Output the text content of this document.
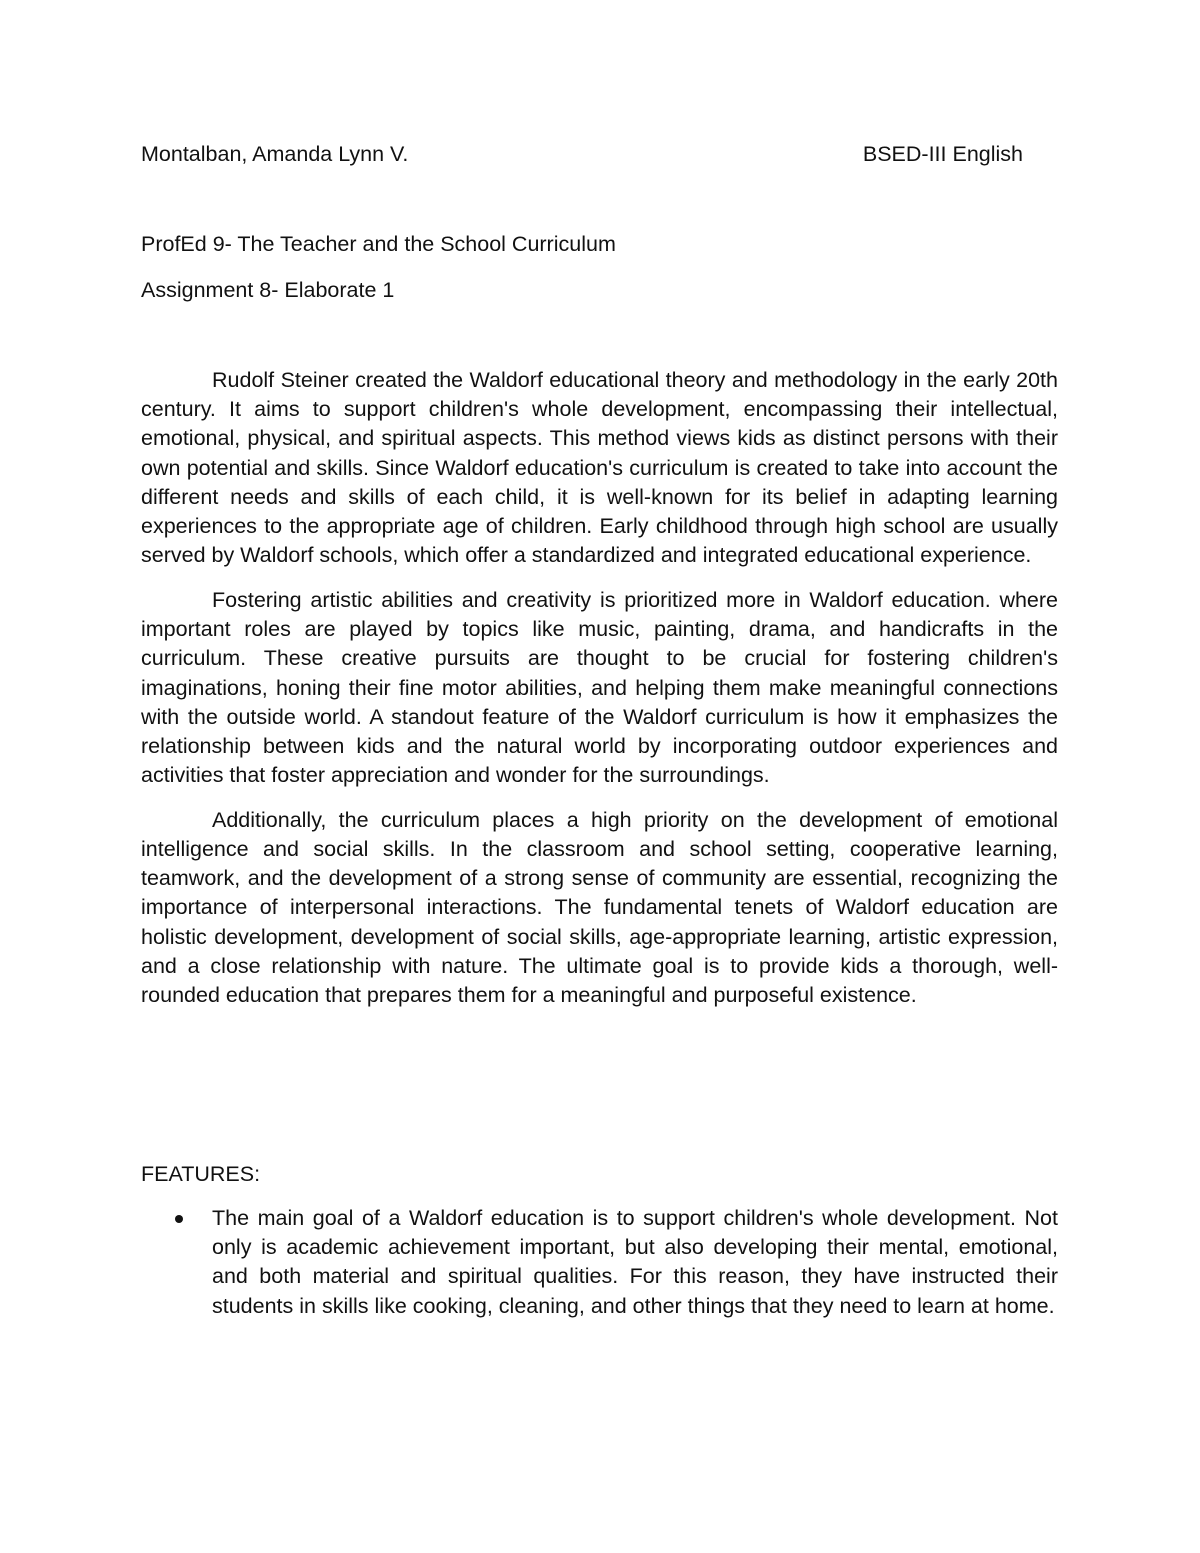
Montalban, Amanda Lynn V.	BSED-III English
ProfEd 9- The Teacher and the School Curriculum
Assignment 8- Elaborate 1

Rudolf Steiner created the Waldorf educational theory and methodology in the early 20th century. It aims to support children's whole development, encompassing their intellectual, emotional, physical, and spiritual aspects. This method views kids as distinct persons with their own potential and skills. Since Waldorf education's curriculum is created to take into account the different needs and skills of each child, it is well-known for its belief in adapting learning experiences to the appropriate age of children. Early childhood through high school are usually served by Waldorf schools, which offer a standardized and integrated educational experience.

Fostering artistic abilities and creativity is prioritized more in Waldorf education. where important roles are played by topics like music, painting, drama, and handicrafts in the curriculum. These creative pursuits are thought to be crucial for fostering children's imaginations, honing their fine motor abilities, and helping them make meaningful connections with the outside world. A standout feature of the Waldorf curriculum is how it emphasizes the relationship between kids and the natural world by incorporating outdoor experiences and activities that foster appreciation and wonder for the surroundings.

Additionally, the curriculum places a high priority on the development of emotional intelligence and social skills. In the classroom and school setting, cooperative learning, teamwork, and the development of a strong sense of community are essential, recognizing the importance of interpersonal interactions. The fundamental tenets of Waldorf education are holistic development, development of social skills, age-appropriate learning, artistic expression, and a close relationship with nature. The ultimate goal is to provide kids a thorough, well-rounded education that prepares them for a meaningful and purposeful existence.

FEATURES:
The main goal of a Waldorf education is to support children's whole development. Not only is academic achievement important, but also developing their mental, emotional, and both material and spiritual qualities. For this reason, they have instructed their students in skills like cooking, cleaning, and other things that they need to learn at home.
